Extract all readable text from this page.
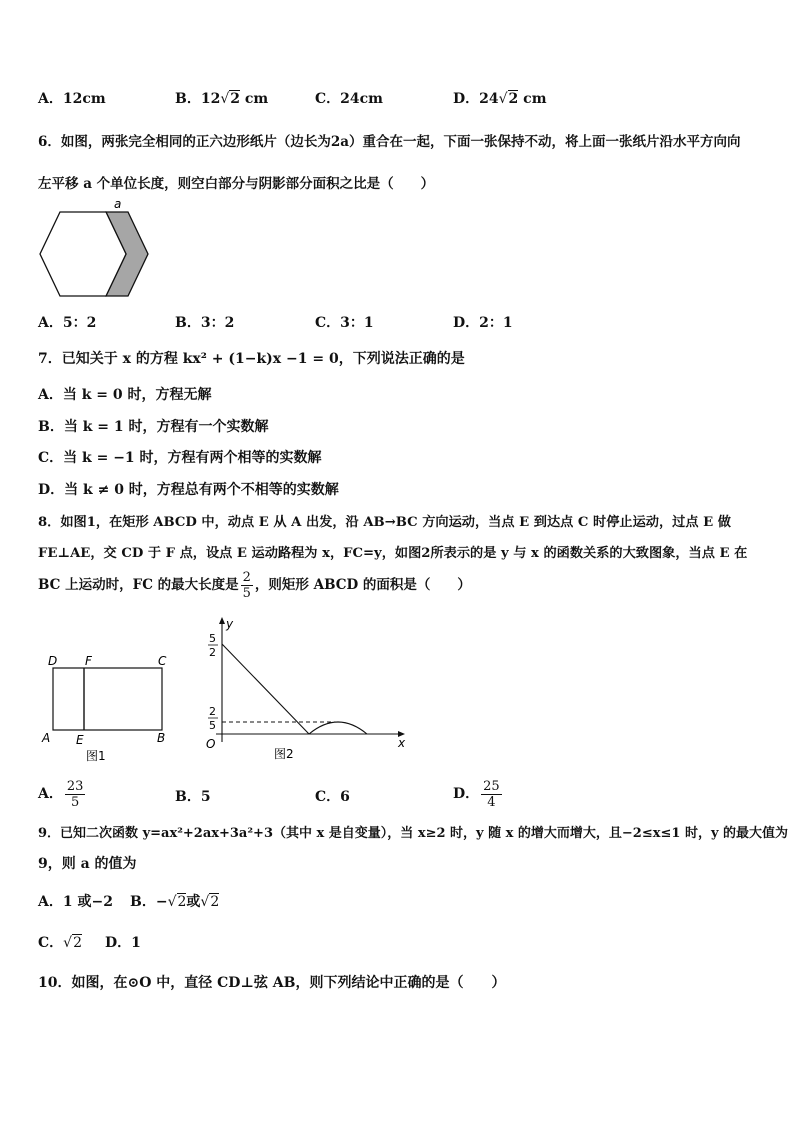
A．12cm	B．12√2 cm	C．24cm	D．24√2 cm
6．如图，两张完全相同的正六边形纸片（边长为2a）重合在一起，下面一张保持不动，将上面一张纸片沿水平方向向
左平移 a 个单位长度，则空白部分与阴影部分面积之比是（　　）
a
A．5：2	B．3：2	C．3：1	D．2：1
7．已知关于 x 的方程 kx² + (1−k)x −1 = 0，下列说法正确的是
A．当 k = 0 时，方程无解
B．当 k = 1 时，方程有一个实数解
C．当 k = −1 时，方程有两个相等的实数解
D．当 k ≠ 0 时，方程总有两个不相等的实数解
8．如图1，在矩形 ABCD 中，动点 E 从 A 出发，沿 AB→BC 方向运动，当点 E 到达点 C 时停止运动，过点 E 做
FE⊥AE，交 CD 于 F 点，设点 E 运动路程为 x，FC=y，如图2所表示的是 y 与 x 的函数关系的大致图象，当点 E 在
BC 上运动时，FC 的最大长度是 $\frac{2}{5}$ ，则矩形 ABCD 的面积是（　　）
D F	C
A E	B
图1
y
x
O
5
2
2
5
图2
A． $\frac{23}{5}$	B．5	C．6	D． $\frac{25}{4}$
9．已知二次函数 y=ax²+2ax+3a²+3（其中 x 是自变量），当 x≥2 时，y 随 x 的增大而增大，且−2≤x≤1 时，y 的最大值为
9，则 a 的值为
A．1 或−2 B．−√2或√2
C．√2 D．1
10．如图，在⊙O 中，直径 CD⊥弦 AB，则下列结论中正确的是（　　）
